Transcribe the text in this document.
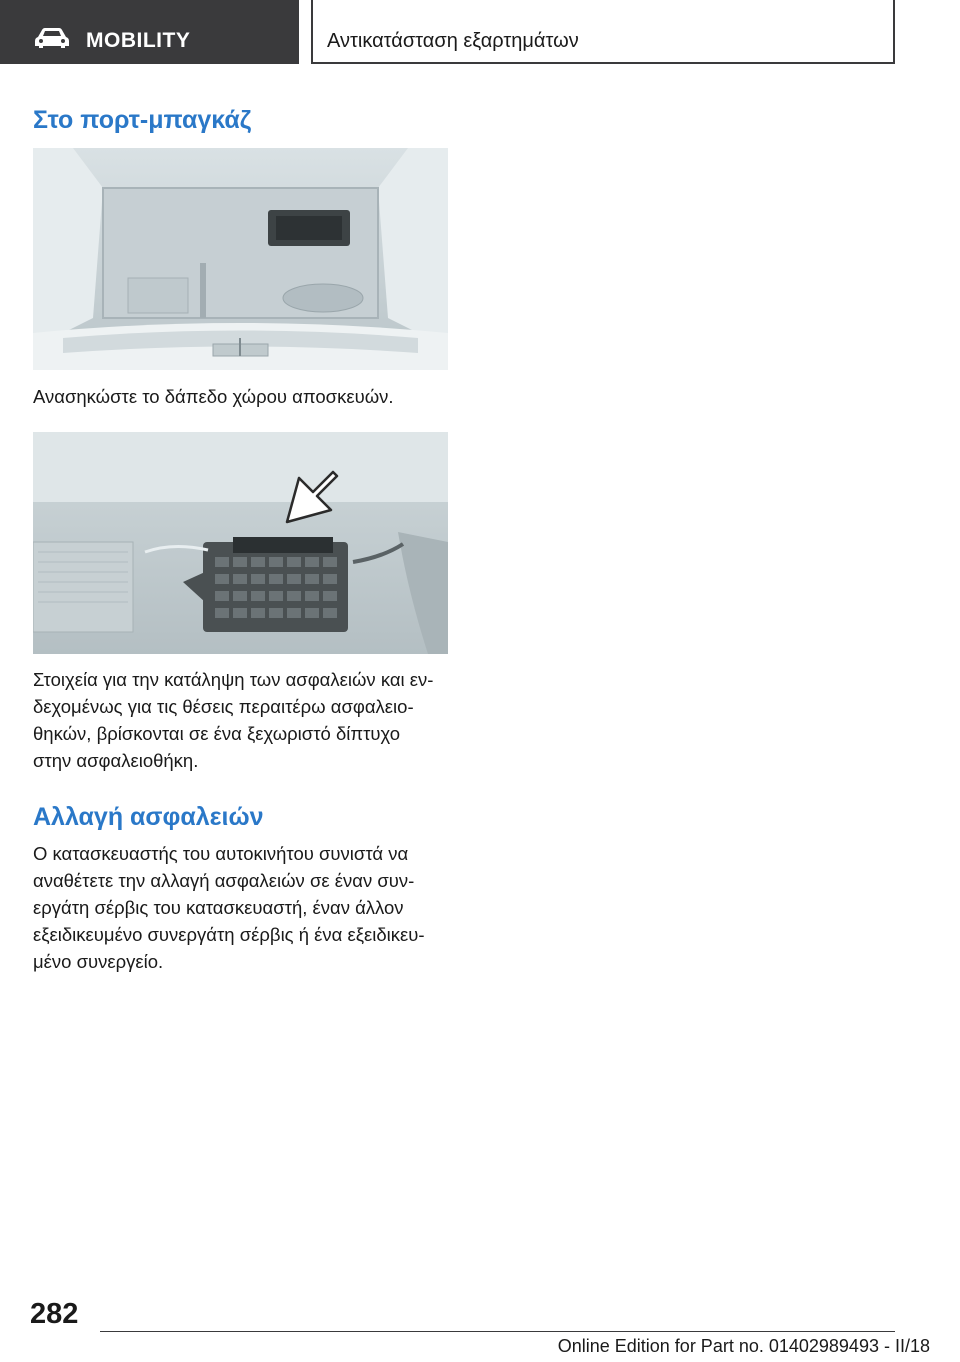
MOBILITY	Αντικατάσταση εξαρτημάτων
Στο πορτ-μπαγκάζ
Ανασηκώστε το δάπεδο χώρου αποσκευών.
Στοιχεία για την κατάληψη των ασφαλειών και εν-
δεχομένως για τις θέσεις περαιτέρω ασφαλειο-
θηκών, βρίσκονται σε ένα ξεχωριστό δίπτυχο
στην ασφαλειοθήκη.
Αλλαγή ασφαλειών
Ο κατασκευαστής του αυτοκινήτου συνιστά να
αναθέτετε την αλλαγή ασφαλειών σε έναν συν-
εργάτη σέρβις του κατασκευαστή, έναν άλλον
εξειδικευμένο συνεργάτη σέρβις ή ένα εξειδικευ-
μένο συνεργείο.
282
Online Edition for Part no. 01402989493 - II/18
